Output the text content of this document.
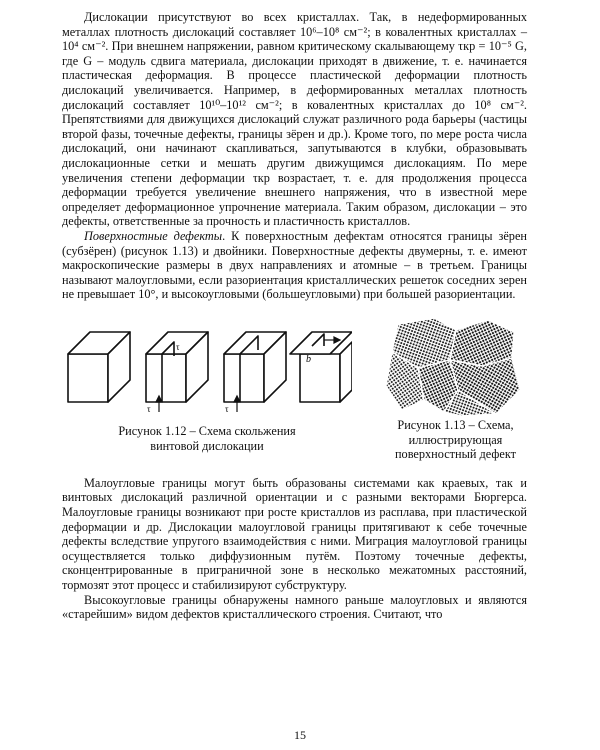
Дислокации присутствуют во всех кристаллах. Так, в недеформированных металлах плотность дислокаций составляет 10⁶–10⁸ см⁻²; в ковалентных кристаллах – 10⁴ см⁻². При внешнем напряжении, равном критическому скалывающему τкр = 10⁻⁵ G, где G – модуль сдвига материала, дислокации приходят в движение, т. е. начинается пластическая деформация. В процессе пластической деформации плотность дислокаций увеличивается. Например, в деформированных металлах плотность дислокаций составляет 10¹⁰–10¹² см⁻²; в ковалентных кристаллах до 10⁸ см⁻². Препятствиями для движущихся дислокаций служат различного рода барьеры (частицы второй фазы, точечные дефекты, границы зёрен и др.). Кроме того, по мере роста числа дислокаций, они начинают скапливаться, запутываются в клубки, образовывать дислокационные сетки и мешать другим движущимся дислокациям. По мере увеличения степени деформации τкр возрастает, т. е. для продолжения процесса деформации требуется увеличение внешнего напряжения, что в известной мере определяет деформационное упрочнение материала. Таким образом, дислокации – это дефекты, ответственные за прочность и пластичность кристаллов.

Поверхностные дефекты. К поверхностным дефектам относятся границы зёрен (субзёрен) (рисунок 1.13) и двойники. Поверхностные дефекты двумерны, т. е. имеют макроскопические размеры в двух направлениях и атомные – в третьем. Границы называют малоугловыми, если разориентация кристаллических решеток соседних зерен не превышает 10°, и высокоугловыми (большеугловыми) при большей разориентации.

τ	τ
τ
b
Рисунок 1.12 – Схема скольжения
винтовой дислокации
Рисунок 1.13 – Схема,
иллюстрирующая
поверхностный дефект

Малоугловые границы могут быть образованы системами как краевых, так и винтовых дислокаций различной ориентации и с разными векторами Бюргерса. Малоугловые границы возникают при росте кристаллов из расплава, при пластической деформации и др. Дислокации малоугловой границы притягивают к себе точечные дефекты вследствие упругого взаимодействия с ними. Миграция малоугловой границы осуществляется только диффузионным путём. Поэтому точечные дефекты, сконцентрированные в приграничной зоне в несколько межатомных расстояний, тормозят этот процесс и стабилизируют субструктуру.

Высокоугловые границы обнаружены намного раньше малоугловых и являются «старейшим» видом дефектов кристаллического строения. Считают, что

15
